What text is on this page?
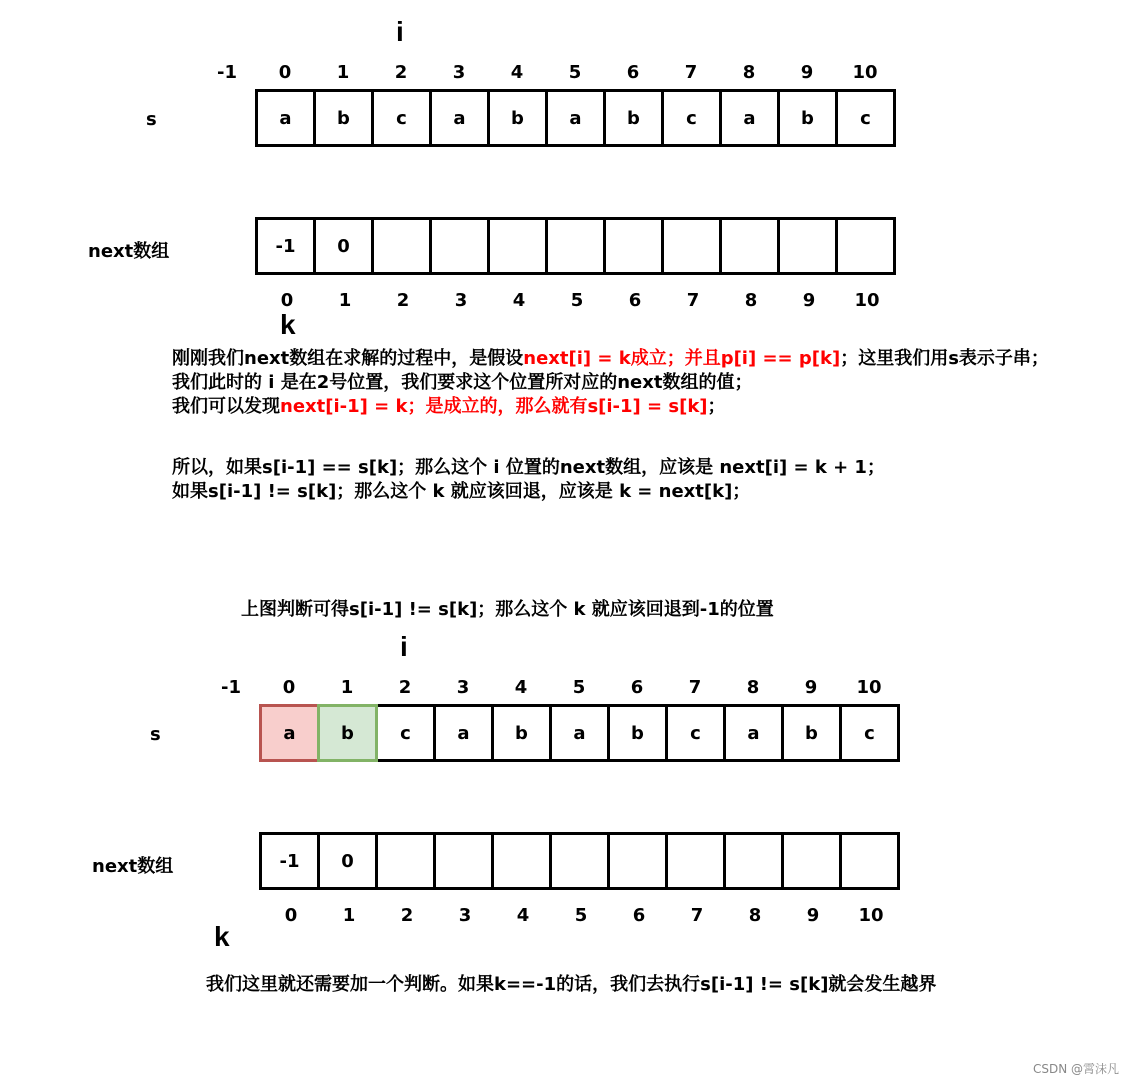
i
-1	0	1	2	3	4	5	6	7	8	9	10
s	a	b	c	a	b	a	b	c	a	b	c
next数组	-1	0
0	1	2	3	4	5	6	7	8	9	10
k
刚刚我们next数组在求解的过程中，是假设next[i] = k成立；并且p[i] == p[k]；这里我们用s表示子串；
我们此时的 i 是在2号位置，我们要求这个位置所对应的next数组的值；
我们可以发现next[i-1] = k；是成立的，那么就有s[i-1] = s[k]；
所以，如果s[i-1] == s[k]；那么这个 i 位置的next数组，应该是 next[i] = k + 1；
如果s[i-1] != s[k]；那么这个 k 就应该回退，应该是 k = next[k]；
上图判断可得s[i-1] != s[k]；那么这个 k 就应该回退到-1的位置
i
-1	0	1	2	3	4	5	6	7	8	9	10
s	a	b	c	a	b	a	b	c	a	b	c
next数组	-1	0
0	1	2	3	4	5	6	7	8	9	10
k
我们这里就还需要加一个判断。如果k==-1的话，我们去执行s[i-1] != s[k]就会发生越界
CSDN @霄沫凡
